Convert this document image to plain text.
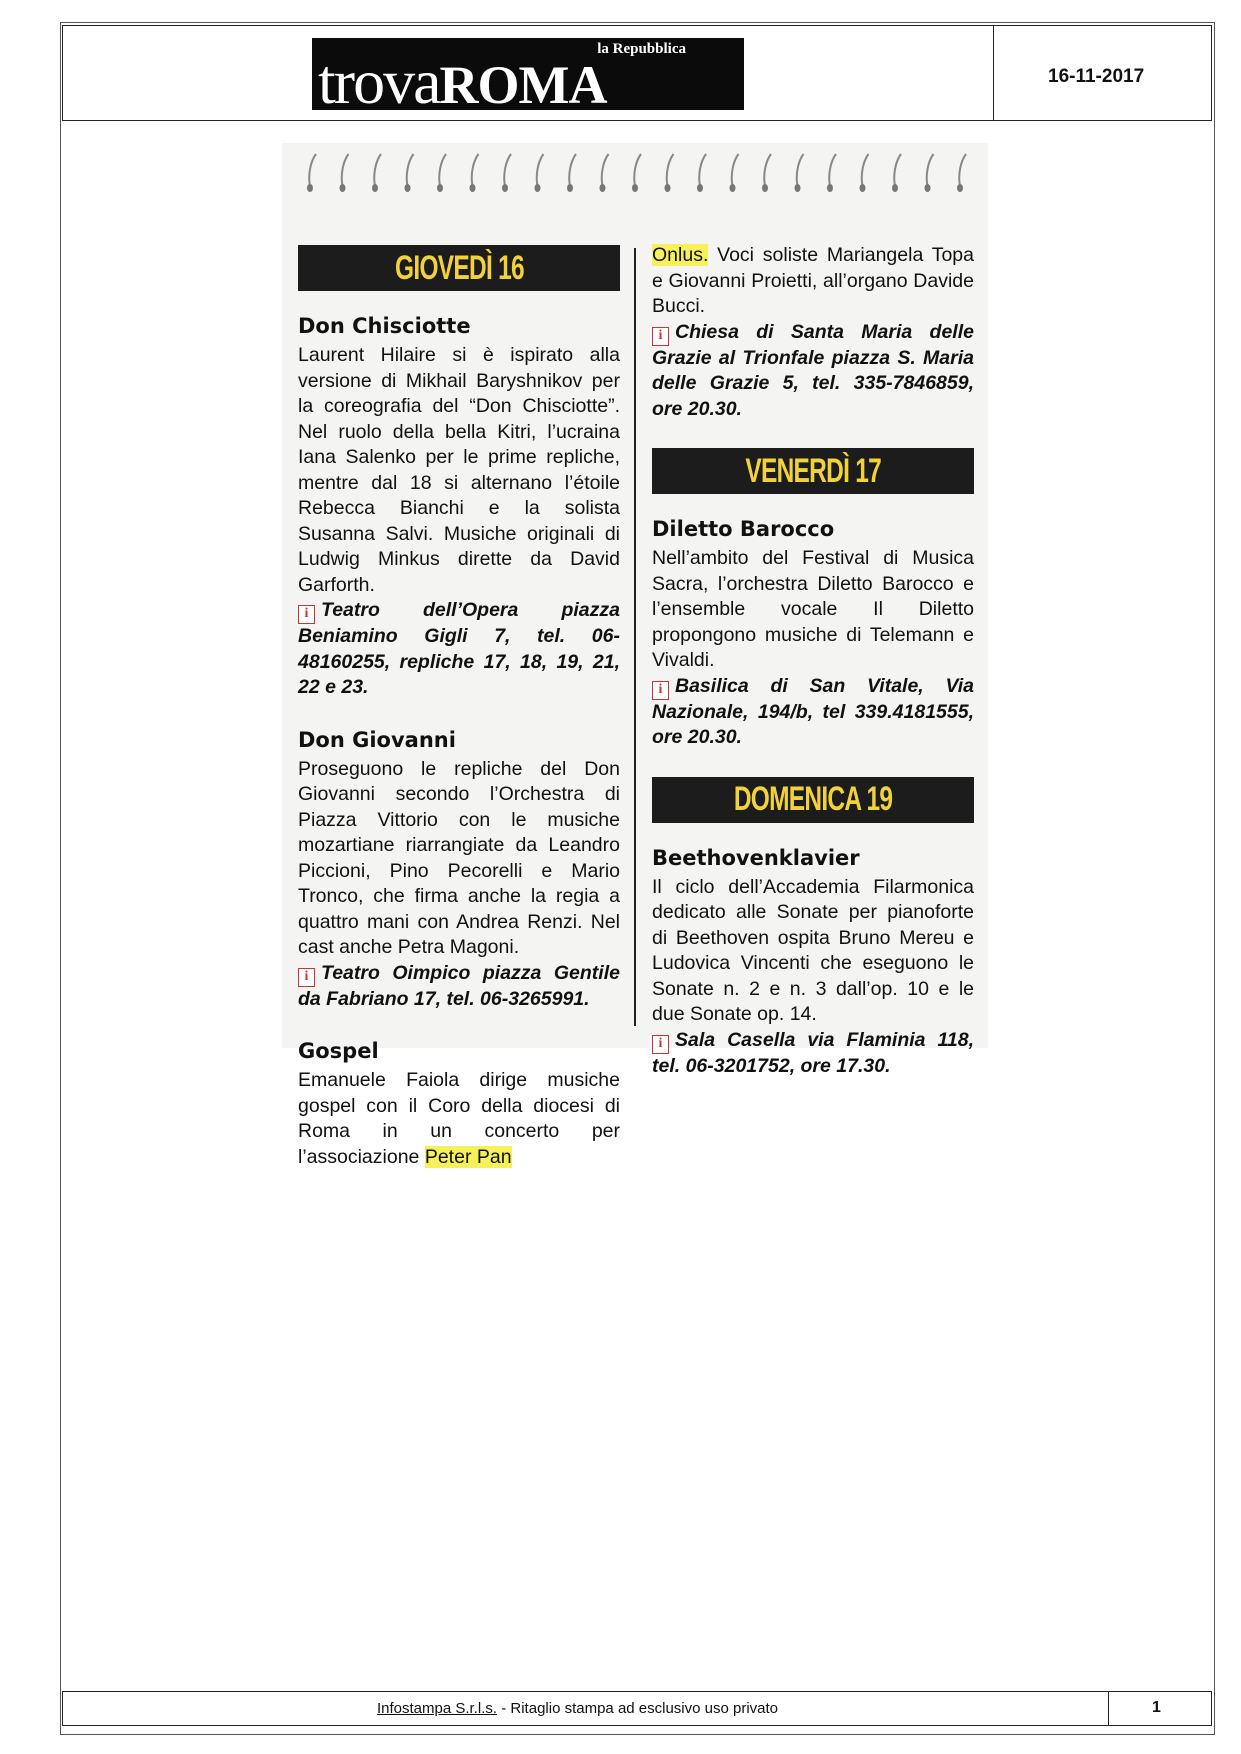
la Repubblica
trovaROMA	16-11-2017
GIOVEDÌ 16
Don Chisciotte

Laurent Hilaire si è ispirato alla versione di Mikhail Baryshnikov per la coreografia del “Don Chisciotte”. Nel ruolo della bella Kitri, l’ucraina Iana Salenko per le prime repliche, mentre dal 18 si alternano l’étoile Rebecca Bianchi e la solista Susanna Salvi. Musiche originali di Ludwig Minkus dirette da David Garforth.

i Teatro dell’Opera piazza Beniamino Gigli 7, tel. 06-48160255, repliche 17, 18, 19, 21, 22 e 23.

Don Giovanni

Proseguono le repliche del Don Giovanni secondo l’Orchestra di Piazza Vittorio con le musiche mozartiane riarrangiate da Leandro Piccioni, Pino Pecorelli e Mario Tronco, che firma anche la regia a quattro mani con Andrea Renzi. Nel cast anche Petra Magoni.

i Teatro Oimpico piazza Gentile da Fabriano 17, tel. 06-3265991.

Gospel

Emanuele Faiola dirige musiche gospel con il Coro della diocesi di Roma in un concerto per l’associazione Peter Pan

Onlus. Voci soliste Mariangela Topa e Giovanni Proietti, all’organo Davide Bucci.

i Chiesa di Santa Maria delle Grazie al Trionfale piazza S. Maria delle Grazie 5, tel. 335-7846859, ore 20.30.

VENERDÌ 17
Diletto Barocco

Nell’ambito del Festival di Musica Sacra, l’orchestra Diletto Barocco e l’ensemble vocale Il Diletto propongono musiche di Telemann e Vivaldi.

i Basilica di San Vitale, Via Nazionale, 194/b, tel 339.4181555, ore 20.30.

DOMENICA 19
Beethovenklavier

Il ciclo dell’Accademia Filarmonica dedicato alle Sonate per pianoforte di Beethoven ospita Bruno Mereu e Ludovica Vincenti che eseguono le Sonate n. 2 e n. 3 dall’op. 10 e le due Sonate op. 14.

i Sala Casella via Flaminia 118, tel. 06-3201752, ore 17.30.

Infostampa S.r.l.s. - Ritaglio stampa ad esclusivo uso privato	1
